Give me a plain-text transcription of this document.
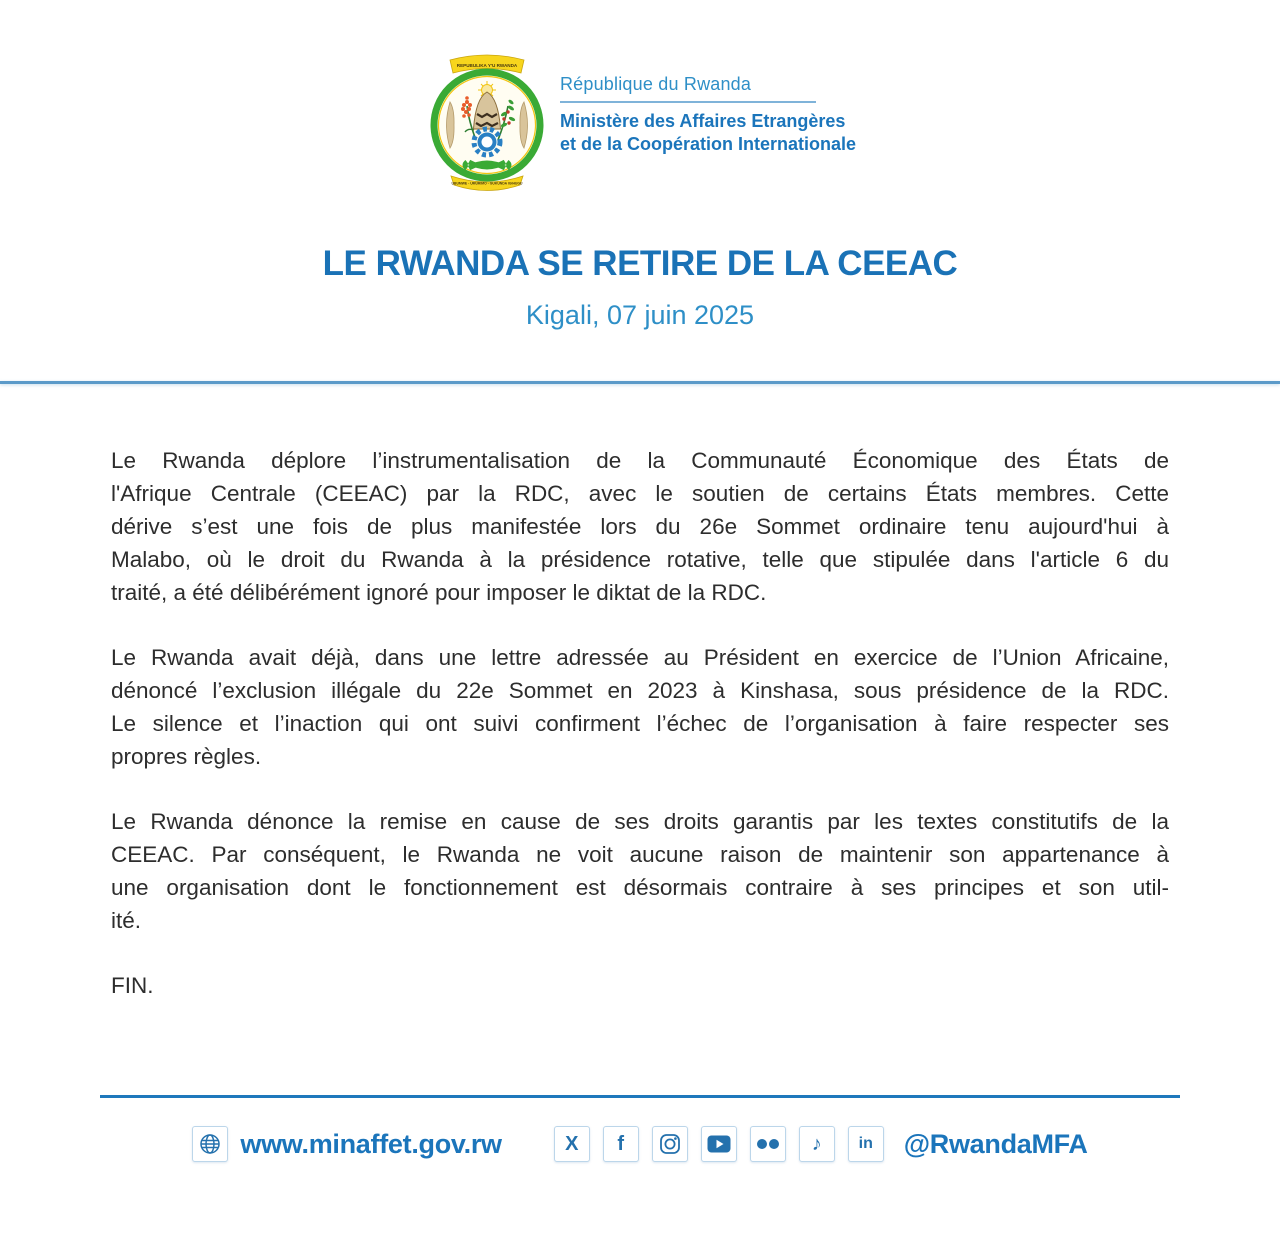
REPUBULIKA Y'U RWANDA
UBUMWE - UMURIMO - GUKUNDA IGIHUGU
République du Rwanda
Ministère des Affaires Etrangères
et de la Coopération Internationale
LE RWANDA SE RETIRE DE LA CEEAC
Kigali, 07 juin 2025
Le Rwanda déplore l’instrumentalisation de la Communauté Économique des États de
l'Afrique Centrale (CEEAC) par la RDC, avec le soutien de certains États membres. Cette
dérive s’est une fois de plus manifestée lors du 26e Sommet ordinaire tenu aujourd'hui à
Malabo, où le droit du Rwanda à la présidence rotative, telle que stipulée dans l'article 6 du
traité, a été délibérément ignoré pour imposer le diktat de la RDC.
Le Rwanda avait déjà, dans une lettre adressée au Président en exercice de l’Union Africaine,
dénoncé l’exclusion illégale du 22e Sommet en 2023 à Kinshasa, sous présidence de la RDC.
Le silence et l’inaction qui ont suivi confirment l’échec de l’organisation à faire respecter ses
propres règles.
Le Rwanda dénonce la remise en cause de ses droits garantis par les textes constitutifs de la
CEEAC. Par conséquent, le Rwanda ne voit aucune raison de maintenir son appartenance à
une organisation dont le fonctionnement est désormais contraire à ses principes et son util-
ité.
FIN.
www.minaffet.gov.rw	X f	♪ in @RwandaMFA
